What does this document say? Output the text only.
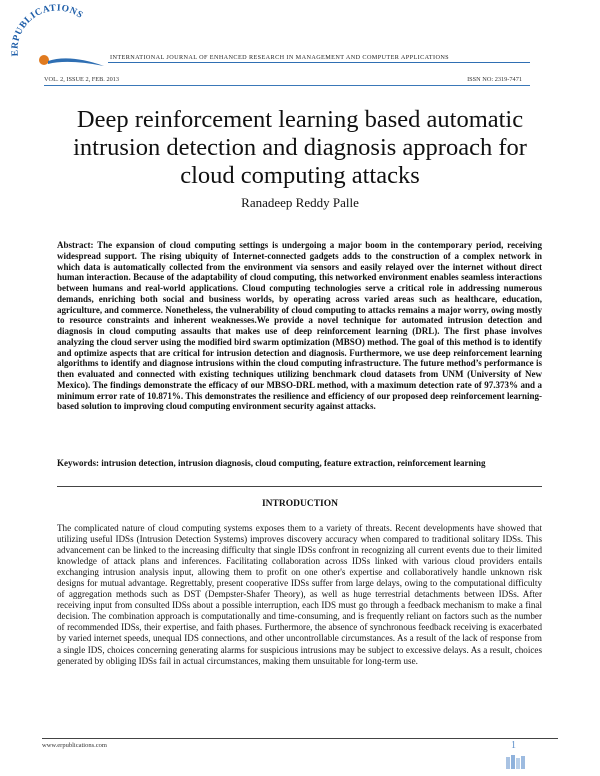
ERPUBLICATIONS
INTERNATIONAL JOURNAL OF ENHANCED RESEARCH IN MANAGEMENT AND COMPUTER APPLICATIONS
VOL. 2, ISSUE 2, FEB. 2013	ISSN NO: 2319-7471
Deep reinforcement learning based automatic intrusion detection and diagnosis approach for cloud computing attacks
Ranadeep Reddy Palle
Abstract: The expansion of cloud computing settings is undergoing a major boom in the contemporary period, receiving widespread support. The rising ubiquity of Internet-connected gadgets adds to the construction of a complex network in which data is automatically collected from the environment via sensors and easily relayed over the internet without direct human interaction. Because of the adaptability of cloud computing, this networked environment enables seamless interactions between humans and real-world applications. Cloud computing technologies serve a critical role in addressing numerous demands, enriching both social and business worlds, by operating across varied areas such as healthcare, education, agriculture, and commerce. Nonetheless, the vulnerability of cloud computing to attacks remains a major worry, owing mostly to resource constraints and inherent weaknesses.We provide a novel technique for automated intrusion detection and diagnosis in cloud computing assaults that makes use of deep reinforcement learning (DRL). The first phase involves analyzing the cloud server using the modified bird swarm optimization (MBSO) method. The goal of this method is to identify and optimize aspects that are critical for intrusion detection and diagnosis. Furthermore, we use deep reinforcement learning algorithms to identify and diagnose intrusions within the cloud computing infrastructure. The future method’s performance is then evaluated and connected with existing techniques utilizing benchmark cloud datasets from UNM (University of New Mexico). The findings demonstrate the efficacy of our MBSO-DRL method, with a maximum detection rate of 97.373% and a minimum error rate of 10.871%. This demonstrates the resilience and efficiency of our proposed deep reinforcement learning-based solution to improving cloud computing environment security against attacks.
Keywords: intrusion detection, intrusion diagnosis, cloud computing, feature extraction, reinforcement learning
INTRODUCTION
The complicated nature of cloud computing systems exposes them to a variety of threats. Recent developments have showed that utilizing useful IDSs (Intrusion Detection Systems) improves discovery accuracy when compared to traditional solitary IDSs. This advancement can be linked to the increasing difficulty that single IDSs confront in recognizing all current events due to their limited knowledge of attack plans and inferences. Facilitating collaboration across IDSs linked with various cloud providers entails exchanging intrusion analysis input, allowing them to profit on one other's expertise and collaboratively handle unknown risk designs for mutual advantage. Regrettably, present cooperative IDSs suffer from large delays, owing to the computational difficulty of aggregation methods such as DST (Dempster-Shafer Theory), as well as huge terrestrial detachments between IDSs. After receiving input from consulted IDSs about a possible interruption, each IDS must go through a feedback mechanism to make a final decision. The combination approach is computationally and time-consuming, and is frequently reliant on factors such as the number of recommended IDSs, their expertise, and faith phases. Furthermore, the absence of synchronous feedback receiving is exacerbated by varied internet speeds, unequal IDS connections, and other uncontrollable circumstances. As a result of the lack of response from a single IDS, choices concerning generating alarms for suspicious intrusions may be subject to excessive delays. As a result, choices generated by obliging IDSs fail in actual circumstances, making them unsuitable for long-term use.
www.erpublications.com	1
